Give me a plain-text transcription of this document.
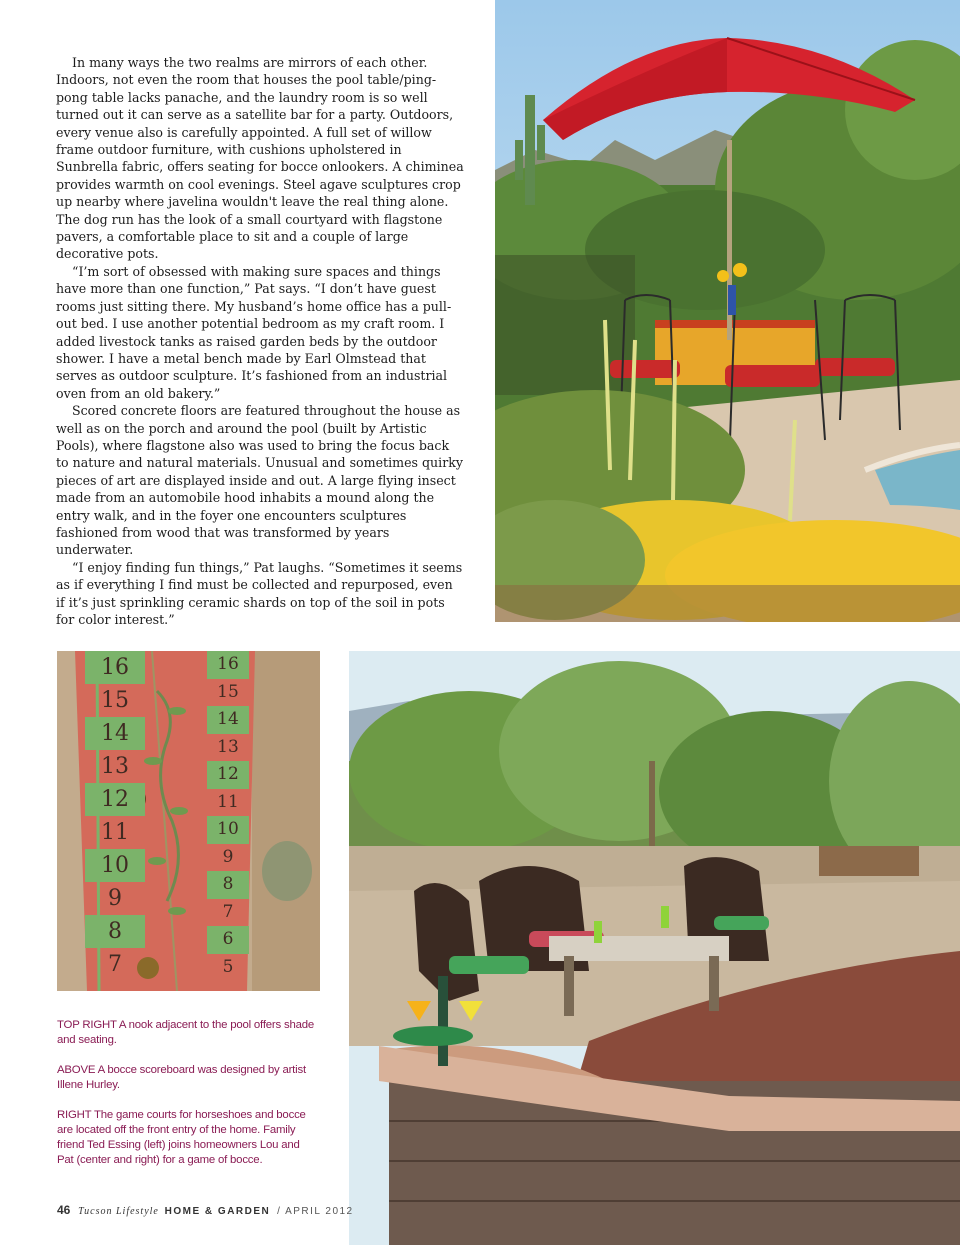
In many ways the two realms are mirrors of each other. Indoors, not even the room that houses the pool table/ping-pong table lacks panache, and the laundry room is so well turned out it can serve as a satellite bar for a party. Outdoors, every venue also is carefully appointed. A full set of willow frame outdoor furniture, with cushions upholstered in Sunbrella fabric, offers seating for bocce onlookers. A chiminea provides warmth on cool evenings. Steel agave sculptures crop up nearby where javelina wouldn't leave the real thing alone. The dog run has the look of a small courtyard with flagstone pavers, a comfortable place to sit and a couple of large decorative pots.

“I’m sort of obsessed with making sure spaces and things have more than one function,” Pat says. “I don’t have guest rooms just sitting there. My husband’s home office has a pull-out bed. I use another potential bedroom as my craft room. I added livestock tanks as raised garden beds by the outdoor shower. I have a metal bench made by Earl Olmstead that serves as outdoor sculpture. It’s fashioned from an industrial oven from an old bakery.”

Scored concrete floors are featured throughout the house as well as on the porch and around the pool (built by Artistic Pools), where flagstone also was used to bring the focus back to nature and natural materials. Unusual and sometimes quirky pieces of art are displayed inside and out. A large flying insect made from an automobile hood inhabits a mound along the entry walk, and in the foyer one encounters sculptures fashioned from wood that was transformed by years underwater.

“I enjoy finding fun things,” Pat laughs. “Sometimes it seems as if everything I find must be collected and repurposed, even if it’s just sprinkling ceramic shards on top of the soil in pots for color interest.”

16
15
14
13
12
11
10
9
8
7
16
15
14
13
12
11
10
9
8
7
6
5

TOP RIGHT A nook adjacent to the pool offers shade and seating.

ABOVE A bocce scoreboard was designed by artist Illene Hurley.

RIGHT The game courts for horseshoes and bocce are located off the front entry of the home. Family friend Ted Essing (left) joins homeowners Lou and Pat (center and right) for a game of bocce.

46 Tucson Lifestyle HOME & GARDEN / APRIL 2012
